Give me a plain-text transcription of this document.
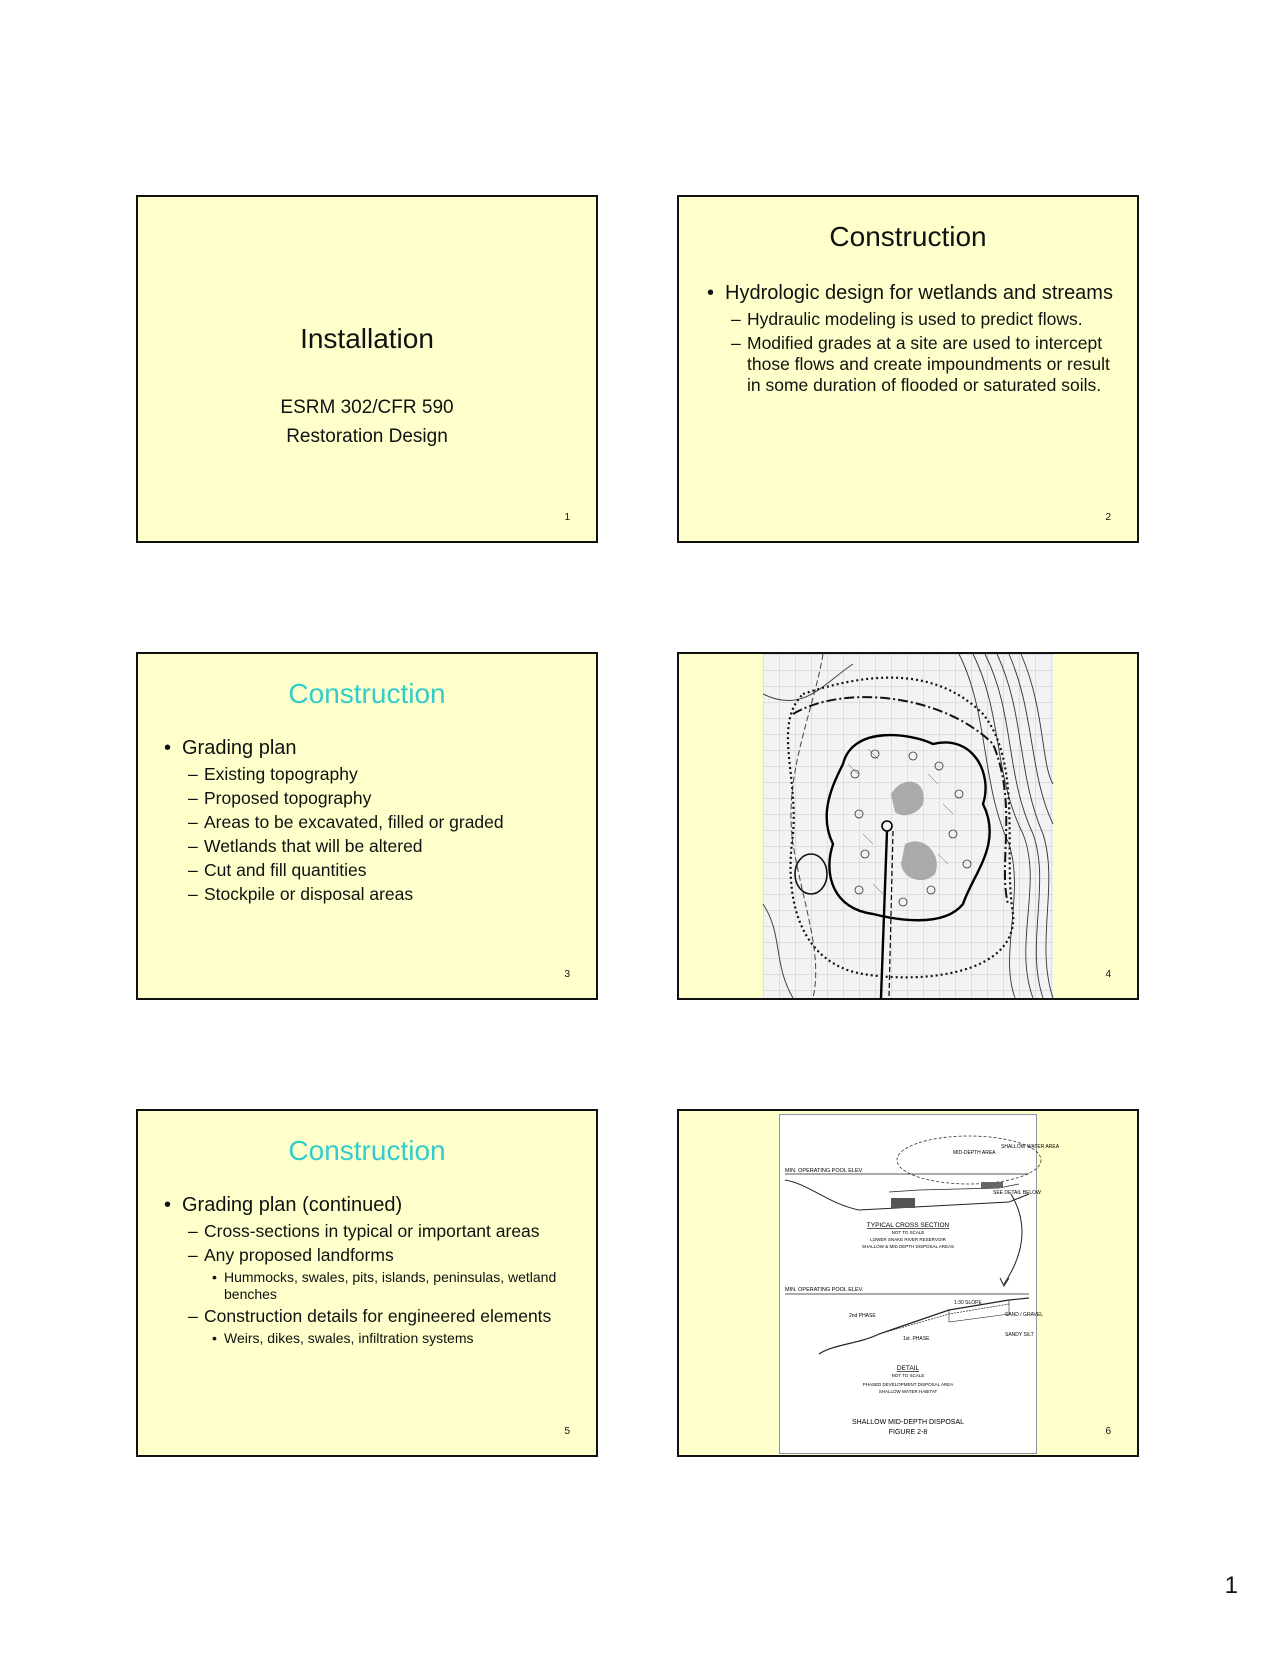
Installation
ESRM 302/CFR 590
Restoration Design
1
Construction
• Hydrologic design for wetlands and streams
– Hydraulic modeling is used to predict flows.
– Modified grades at a site are used to intercept those flows and create impoundments or result in some duration of flooded or saturated soils.
2
Construction
• Grading plan
– Existing topography
– Proposed topography
– Areas to be excavated, filled or graded
– Wetlands that will be altered
– Cut and fill quantities
– Stockpile or disposal areas
3	4
Construction
• Grading plan (continued)
– Cross-sections in typical or important areas
– Any proposed landforms
• Hummocks, swales, pits, islands, peninsulas, wetland benches
– Construction details for engineered elements
• Weirs, dikes, swales, infiltration systems
5
MIN. OPERATING POOL ELEV.
SHALLOW WATER AREA
MID-DEPTH AREA
SEE DETAIL BELOW
TYPICAL CROSS SECTION
NOT TO SCALE
LOWER SNAKE RIVER RESERVOIR
SHALLOW & MID DEPTH DISPOSAL AREAS
MIN. OPERATING POOL ELEV.
1:30 SLOPE
2nd PHASE
1st. PHASE
SAND / GRAVEL
SANDY SILT
DETAIL
NOT TO SCALE
PHASED DEVELOPMENT DISPOSAL AREA
SHALLOW WATER HABITAT
SHALLOW MID-DEPTH DISPOSAL
FIGURE 2-8	6
1
